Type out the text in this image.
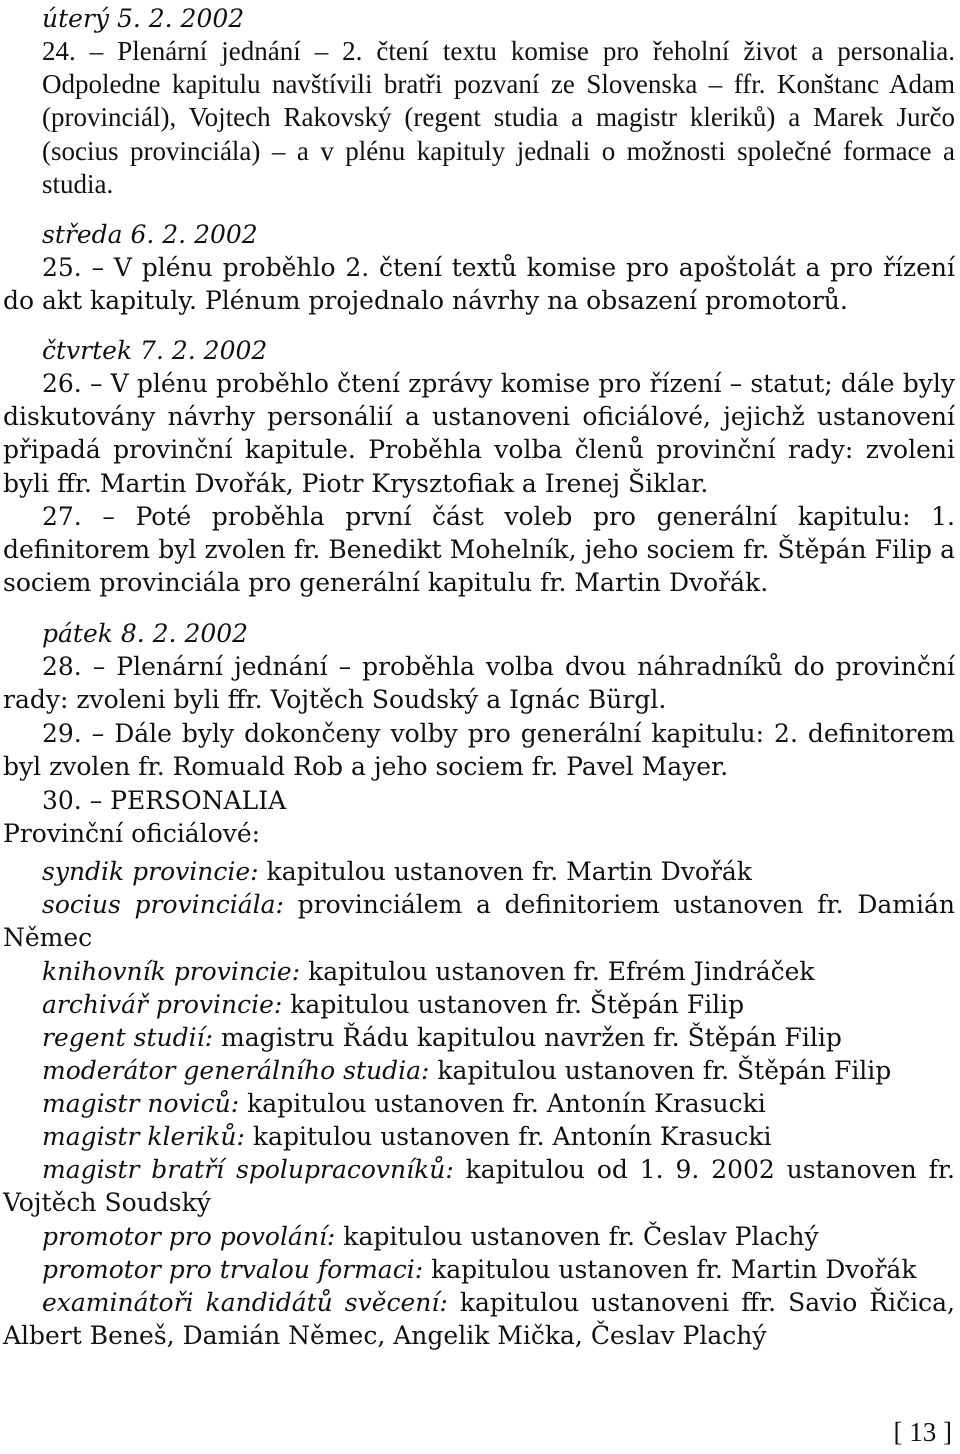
úterý 5. 2. 2002

24. – Plenární jednání – 2. čtení textu komise pro řeholní život a personalia. Odpoledne kapitulu navštívili bratři pozvaní ze Slovenska – ffr. Konštanc Adam (provinciál), Vojtech Rakovský (regent studia a magistr kleriků) a Marek Jurčo (socius provinciála) – a v plénu kapituly jednali o možnosti společné formace a studia.

středa 6. 2. 2002

25. – V plénu proběhlo 2. čtení textů komise pro apoštolát a pro řízení do akt kapituly. Plénum projednalo návrhy na obsazení promotorů.

čtvrtek 7. 2. 2002

26. – V plénu proběhlo čtení zprávy komise pro řízení – statut; dále byly diskutovány návrhy personálií a ustanoveni oficiálové, jejichž ustanovení připadá provinční kapitule. Proběhla volba členů provinční rady: zvoleni byli ffr. Martin Dvořák, Piotr Krysztofiak a Irenej Šiklar.

27. – Poté proběhla první část voleb pro generální kapitulu: 1. definitorem byl zvolen fr. Benedikt Mohelník, jeho sociem fr. Štěpán Filip a sociem provinciála pro generální kapitulu fr. Martin Dvořák.

pátek 8. 2. 2002

28. – Plenární jednání – proběhla volba dvou náhradníků do provinční rady: zvoleni byli ffr. Vojtěch Soudský a Ignác Bürgl.

29. – Dále byly dokončeny volby pro generální kapitulu: 2. definitorem byl zvolen fr. Romuald Rob a jeho sociem fr. Pavel Mayer.

30. – PERSONALIA

Provinční oficiálové:
syndik provincie: kapitulou ustanoven fr. Martin Dvořák
socius provinciála: provinciálem a definitoriem ustanoven fr. Damián Němec
knihovník provincie: kapitulou ustanoven fr. Efrém Jindráček
archivář provincie: kapitulou ustanoven fr. Štěpán Filip
regent studií: magistru Řádu kapitulou navržen fr. Štěpán Filip
moderátor generálního studia: kapitulou ustanoven fr. Štěpán Filip
magistr noviců: kapitulou ustanoven fr. Antonín Krasucki
magistr kleriků: kapitulou ustanoven fr. Antonín Krasucki
magistr bratří spolupracovníků: kapitulou od 1. 9. 2002 ustanoven fr. Vojtěch Soudský
promotor pro povolání: kapitulou ustanoven fr. Česlav Plachý
promotor pro trvalou formaci: kapitulou ustanoven fr. Martin Dvořák
examinátoři kandidátů svěcení: kapitulou ustanoveni ffr. Savio Řičica, Albert Beneš, Damián Němec, Angelik Mička, Česlav Plachý
[ 13 ]
